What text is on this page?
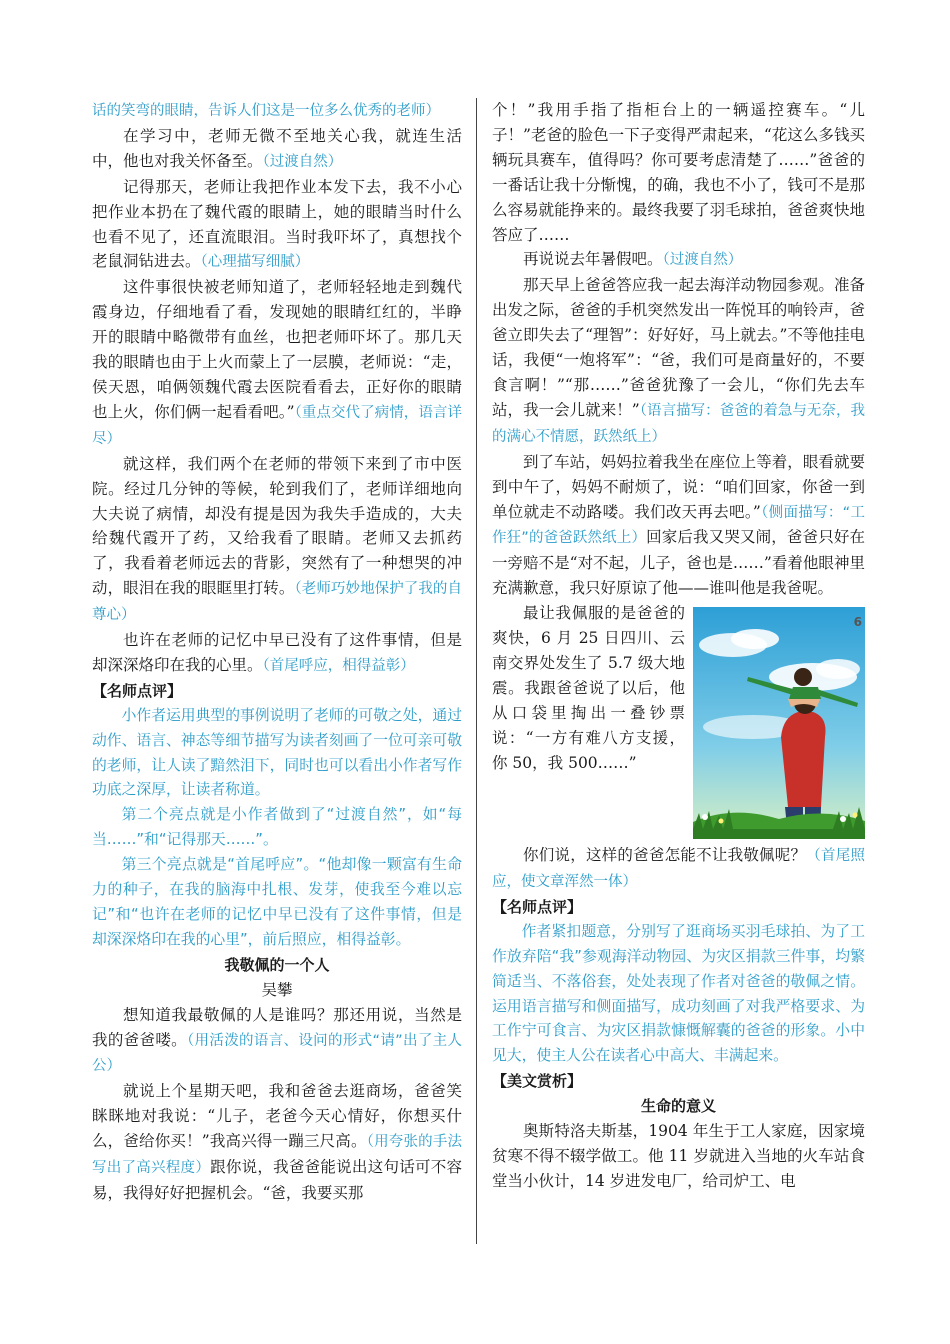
话的笑弯的眼睛，告诉人们这是一位多么优秀的老师）

在学习中，老师无微不至地关心我，就连生活中，他也对我关怀备至。（过渡自然）

记得那天，老师让我把作业本发下去，我不小心把作业本扔在了魏代霞的眼睛上，她的眼睛当时什么也看不见了，还直流眼泪。当时我吓坏了，真想找个老鼠洞钻进去。（心理描写细腻）

这件事很快被老师知道了，老师轻轻地走到魏代霞身边，仔细地看了看，发现她的眼睛红红的，半睁开的眼睛中略微带有血丝，也把老师吓坏了。那几天我的眼睛也由于上火而蒙上了一层膜，老师说：“走，侯天恩，咱俩领魏代霞去医院看看去，正好你的眼睛也上火，你们俩一起看看吧。”（重点交代了病情，语言详尽）

就这样，我们两个在老师的带领下来到了市中医院。经过几分钟的等候，轮到我们了，老师详细地向大夫说了病情，却没有提是因为我失手造成的，大夫给魏代霞开了药，又给我看了眼睛。老师又去抓药了，我看着老师远去的背影，突然有了一种想哭的冲动，眼泪在我的眼眶里打转。（老师巧妙地保护了我的自尊心）

也许在老师的记忆中早已没有了这件事情，但是却深深烙印在我的心里。（首尾呼应，相得益彰）

【名师点评】

小作者运用典型的事例说明了老师的可敬之处，通过动作、语言、神态等细节描写为读者刻画了一位可亲可敬的老师，让人读了黯然泪下，同时也可以看出小作者写作功底之深厚，让读者称道。

第二个亮点就是小作者做到了“过渡自然”，如“每当……”和“记得那天……”。

第三个亮点就是“首尾呼应”。“他却像一颗富有生命力的种子，在我的脑海中扎根、发芽，使我至今难以忘记”和“也许在老师的记忆中早已没有了这件事情，但是却深深烙印在我的心里”，前后照应，相得益彰。

我敬佩的一个人

吴攀

想知道我最敬佩的人是谁吗？那还用说，当然是我的爸爸喽。（用活泼的语言、设问的形式“请”出了主人公）

就说上个星期天吧，我和爸爸去逛商场，爸爸笑眯眯地对我说：“儿子，老爸今天心情好，你想买什么，爸给你买！”我高兴得一蹦三尺高。（用夸张的手法写出了高兴程度）跟你说，我爸爸能说出这句话可不容易，我得好好把握机会。“爸，我要买那

个！”我用手指了指柜台上的一辆遥控赛车。“儿子！”老爸的脸色一下子变得严肃起来，“花这么多钱买辆玩具赛车，值得吗？你可要考虑清楚了……”爸爸的一番话让我十分惭愧，的确，我也不小了，钱可不是那么容易就能挣来的。最终我要了羽毛球拍，爸爸爽快地答应了……

再说说去年暑假吧。（过渡自然）

那天早上爸爸答应我一起去海洋动物园参观。准备出发之际，爸爸的手机突然发出一阵悦耳的响铃声，爸爸立即失去了“理智”：好好好，马上就去。”不等他挂电话，我便“一炮将军”：“爸，我们可是商量好的，不要食言啊！”“那……”爸爸犹豫了一会儿，“你们先去车站，我一会儿就来！”（语言描写：爸爸的着急与无奈，我的满心不情愿，跃然纸上）

到了车站，妈妈拉着我坐在座位上等着，眼看就要到中午了，妈妈不耐烦了，说：“咱们回家，你爸一到单位就走不动路喽。我们改天再去吧。”（侧面描写：“工作狂”的爸爸跃然纸上）回家后我又哭又闹，爸爸只好在一旁赔不是“对不起，儿子，爸也是……”看着他眼神里充满歉意，我只好原谅了他——谁叫他是我爸呢。

6

最让我佩服的是爸爸的爽快，6 月 25 日四川、云南交界处发生了 5.7 级大地震。我跟爸爸说了以后，他从口袋里掏出一叠钞票说：“一方有难八方支援，你 50，我 500……”

你们说，这样的爸爸怎能不让我敬佩呢？（首尾照应，使文章浑然一体）

【名师点评】

作者紧扣题意，分别写了逛商场买羽毛球拍、为了工作放弃陪“我”参观海洋动物园、为灾区捐款三件事，均繁简适当、不落俗套，处处表现了作者对爸爸的敬佩之情。运用语言描写和侧面描写，成功刻画了对我严格要求、为工作宁可食言、为灾区捐款慷慨解囊的爸爸的形象。小中见大，使主人公在读者心中高大、丰满起来。

【美文赏析】

生命的意义

奥斯特洛夫斯基，1904 年生于工人家庭，因家境贫寒不得不辍学做工。他 11 岁就进入当地的火车站食堂当小伙计，14 岁进发电厂，给司炉工、电
